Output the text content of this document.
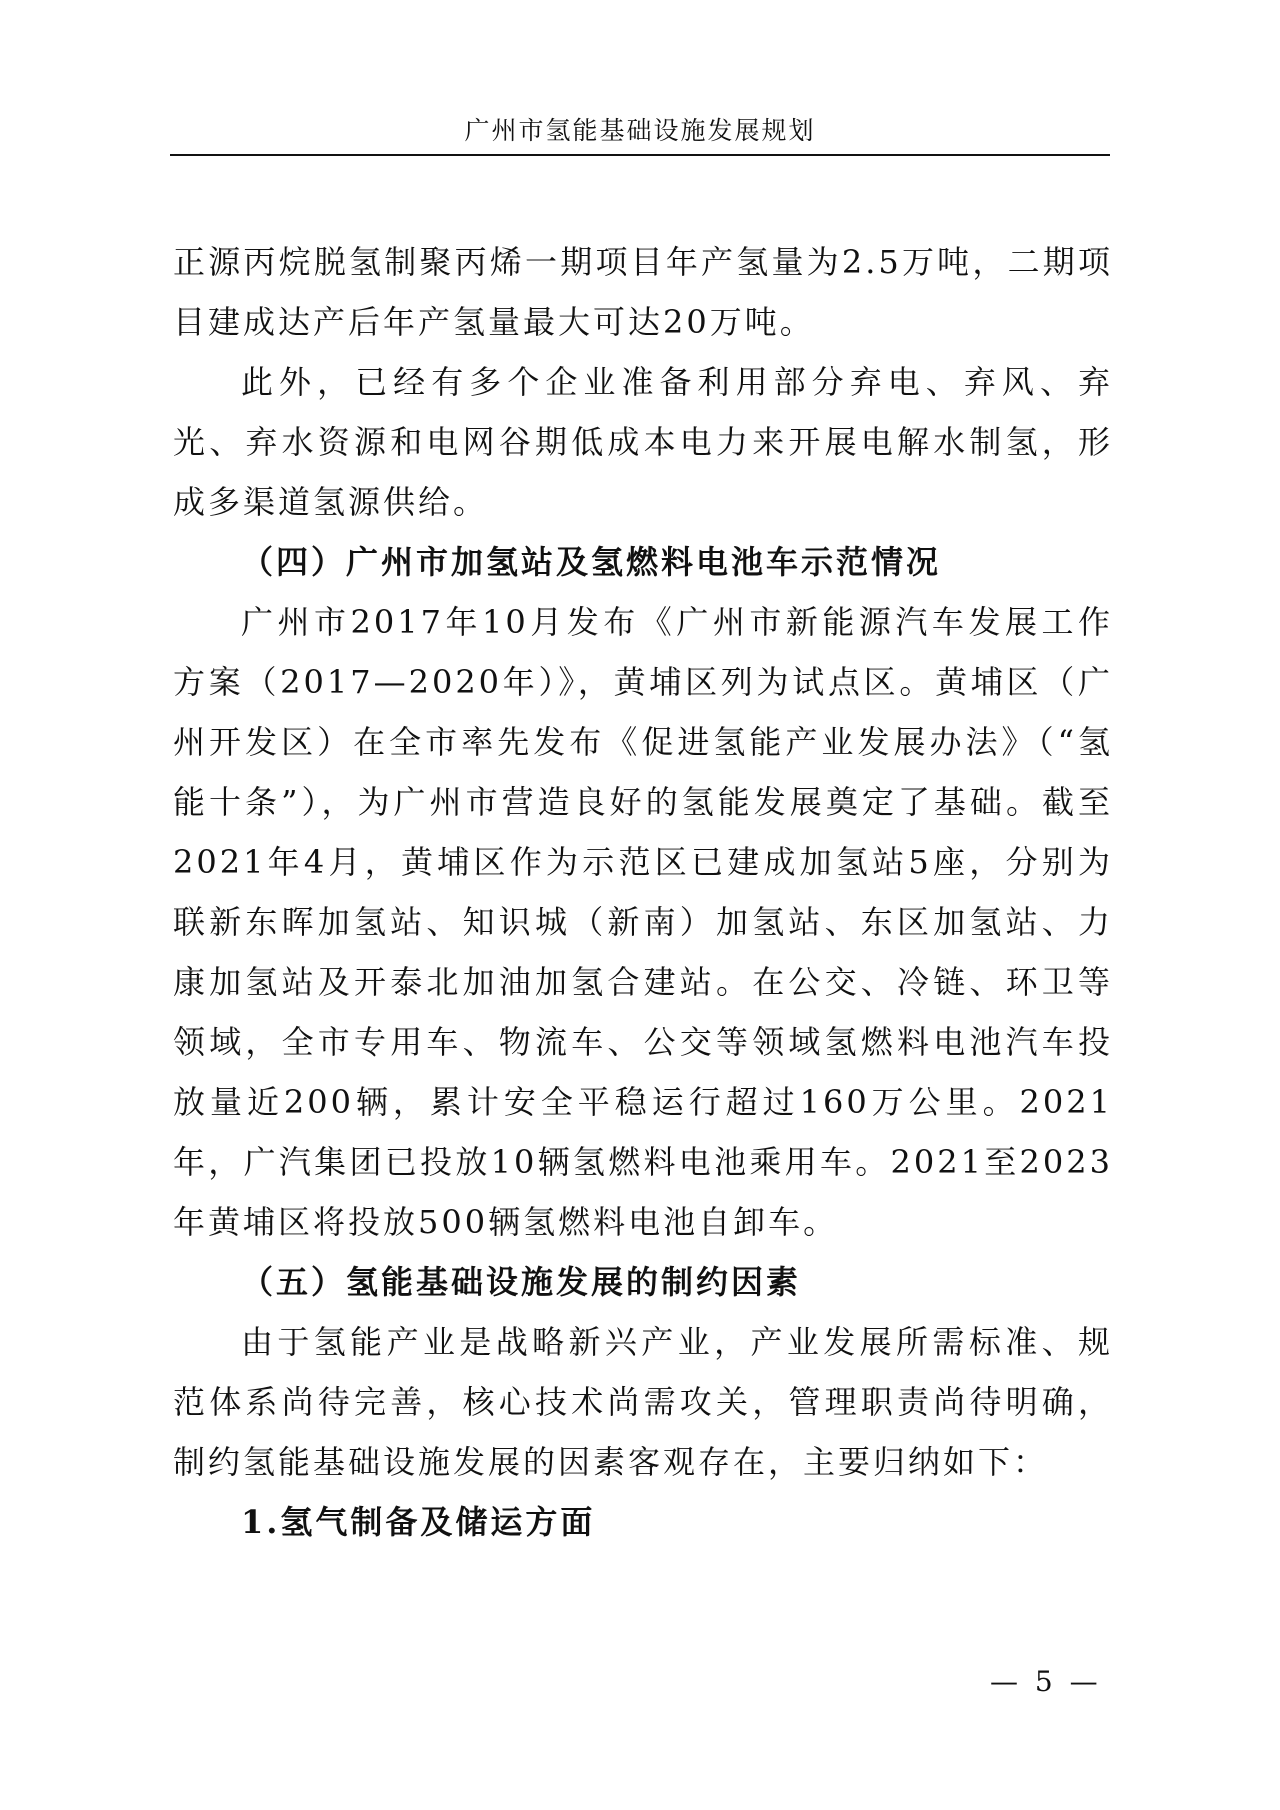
广州市氢能基础设施发展规划

正源丙烷脱氢制聚丙烯一期项目年产氢量为2.5万吨，二期项目建成达产后年产氢量最大可达20万吨。

此外，已经有多个企业准备利用部分弃电、弃风、弃光、弃水资源和电网谷期低成本电力来开展电解水制氢，形成多渠道氢源供给。

（四）广州市加氢站及氢燃料电池车示范情况

广州市2017年10月发布《广州市新能源汽车发展工作方案（2017—2020年）》，黄埔区列为试点区。黄埔区（广州开发区）在全市率先发布《促进氢能产业发展办法》（“氢能十条”），为广州市营造良好的氢能发展奠定了基础。截至2021年4月，黄埔区作为示范区已建成加氢站5座，分别为联新东晖加氢站、知识城（新南）加氢站、东区加氢站、力康加氢站及开泰北加油加氢合建站。在公交、冷链、环卫等领域，全市专用车、物流车、公交等领域氢燃料电池汽车投放量近200辆，累计安全平稳运行超过160万公里。2021年，广汽集团已投放10辆氢燃料电池乘用车。2021至2023年黄埔区将投放500辆氢燃料电池自卸车。

（五）氢能基础设施发展的制约因素

由于氢能产业是战略新兴产业，产业发展所需标准、规范体系尚待完善，核心技术尚需攻关，管理职责尚待明确，制约氢能基础设施发展的因素客观存在，主要归纳如下：

1.氢气制备及储运方面

— 5 —
